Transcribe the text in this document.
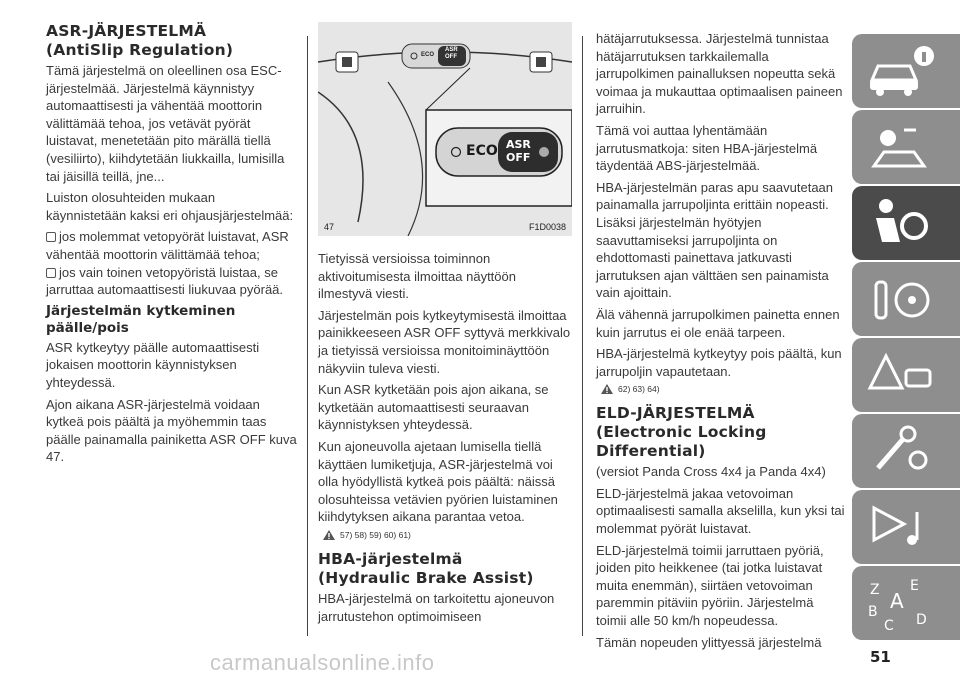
ASR-JÄRJESTELMÄ
(AntiSlip Regulation)

Tämä järjestelmä on oleellinen osa ESC-järjestelmää. Järjestelmä käynnistyy automaattisesti ja vähentää moottorin välittämää tehoa, jos vetävät pyörät luistavat, menetetään pito märällä tiellä (vesiliirto), kiihdytetään liukkailla, lumisilla tai jäisillä teillä, jne...

Luiston olosuhteiden mukaan käynnistetään kaksi eri ohjausjärjestelmää:

jos molemmat vetopyörät luistavat, ASR vähentää moottorin välittämää tehoa;

jos vain toinen vetopyöristä luistaa, se jarruttaa automaattisesti liukuvaa pyörää.

Järjestelmän kytkeminen päälle/pois

ASR kytkeytyy päälle automaattisesti jokaisen moottorin käynnistyksen yhteydessä.

Ajon aikana ASR-järjestelmä voidaan kytkeä pois päältä ja myöhemmin taas päälle painamalla painiketta ASR OFF kuva 47.

ECO
ASR
OFF
ECO ASR
OFF
47	F1D0038

Tietyissä versioissa toiminnon aktivoitumisesta ilmoittaa näyttöön ilmestyvä viesti.

Järjestelmän pois kytkeytymisestä ilmoittaa painikkeeseen ASR OFF syttyvä merkkivalo ja tietyissä versioissa monitoiminäyttöön näkyviin tuleva viesti.

Kun ASR kytketään pois ajon aikana, se kytketään automaattisesti seuraavan käynnistyksen yhteydessä.

Kun ajoneuvolla ajetaan lumisella tiellä käyttäen lumiketjuja, ASR-järjestelmä voi olla hyödyllistä kytkeä pois päältä: näissä olosuhteissa vetävien pyörien luistaminen kiihdytyksen aikana parantaa vetoa.

57) 58) 59) 60) 61)
HBA-järjestelmä
(Hydraulic Brake Assist)

HBA-järjestelmä on tarkoitettu ajoneuvon jarrutustehon optimoimiseen

hätäjarrutuksessa. Järjestelmä tunnistaa hätäjarrutuksen tarkkailemalla jarrupolkimen painalluksen nopeutta sekä voimaa ja mukauttaa optimaalisen paineen jarruihin.

Tämä voi auttaa lyhentämään jarrutusmatkoja: siten HBA-järjestelmä täydentää ABS-järjestelmää.

HBA-järjestelmän paras apu saavutetaan painamalla jarrupoljinta erittäin nopeasti. Lisäksi järjestelmän hyötyjen saavuttamiseksi jarrupoljinta on ehdottomasti painettava jatkuvasti jarrutuksen ajan välttäen sen painamista vain ajoittain.

Älä vähennä jarrupolkimen painetta ennen kuin jarrutus ei ole enää tarpeen.

HBA-järjestelmä kytkeytyy pois päältä, kun jarrupoljin vapautetaan.

62) 63) 64)
ELD-JÄRJESTELMÄ
(Electronic Locking
Differential)

(versiot Panda Cross 4x4 ja Panda 4x4)

ELD-järjestelmä jakaa vetovoiman optimaalisesti samalla akselilla, kun yksi tai molemmat pyörät luistavat.

ELD-järjestelmä toimii jarruttaen pyöriä, joiden pito heikkenee (tai jotka luistavat muita enemmän), siirtäen vetovoiman paremmin pitäviin pyöriin. Järjestelmä toimii alle 50 km/h nopeudessa.

Tämän nopeuden ylittyessä järjestelmä

Z E
B A
C D
51
carmanualsonline.info
